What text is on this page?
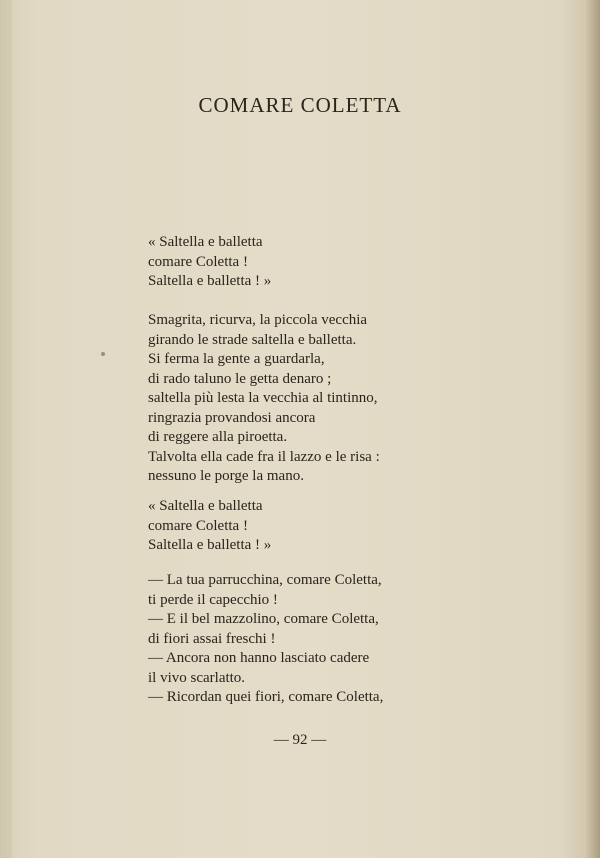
COMARE COLETTA
« Saltella e balletta
comare Coletta !
Saltella e balletta ! »
Smagrita, ricurva, la piccola vecchia
girando le strade saltella e balletta.
Si ferma la gente a guardarla,
di rado taluno le getta denaro ;
saltella più lesta la vecchia al tintinno,
ringrazia provandosi ancora
di reggere alla piroetta.
Talvolta ella cade fra il lazzo e le risa :
nessuno le porge la mano.
« Saltella e balletta
comare Coletta !
Saltella e balletta ! »
— La tua parrucchina, comare Coletta,
ti perde il capecchio !
— E il bel mazzolino, comare Coletta,
di fiori assai freschi !
— Ancora non hanno lasciato cadere
il vivo scarlatto.
— Ricordan quei fiori, comare Coletta,
— 92 —
